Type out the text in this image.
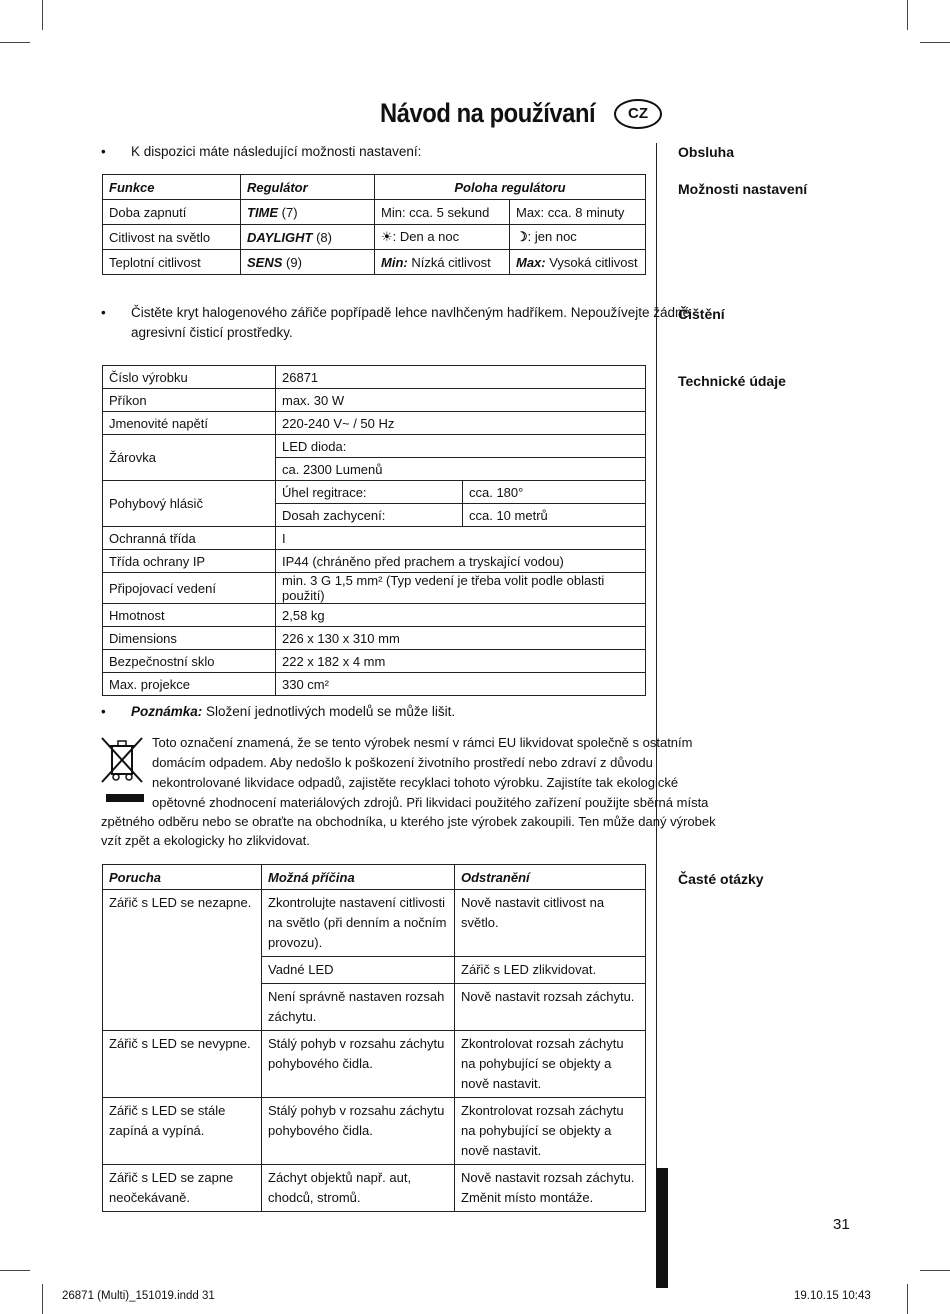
Návod na používaní	CZ
Obsluha
Možnosti nastavení
Čištění
Technické údaje
Časté otázky
• K dispozici máte následující možnosti nastavení:
Funkce	Regulátor	Poloha regulátoru	
Doba zapnutí	TIME (7)	Min: cca. 5 sekund	Max: cca. 8 minuty
Citlivost na světlo	DAYLIGHT (8)	☀: Den a noc	☽: jen noc
Teplotní citlivost	SENS (9)	Min: Nízká citlivost	Max: Vysoká citlivost
• Čistěte kryt halogenového zářiče popřípadě lehce navlhčeným hadříkem. Nepoužívejte žádné
agresivní čisticí prostředky.
Číslo výrobku	26871	
Příkon	max. 30 W	
Jmenovité napětí	220-240 V~ / 50 Hz	
Žárovka	LED dioda:	
	ca. 2300 Lumenů	
Pohybový hlásič	Úhel regitrace:	cca. 180°
	Dosah zachycení:	cca. 10 metrů
Ochranná třída	I	
Třída ochrany IP	IP44 (chráněno před prachem a tryskající vodou)	
Připojovací vedení	min. 3 G 1,5 mm² (Typ vedení je třeba volit podle oblasti použití)	
Hmotnost	2,58 kg	
Dimensions	226 x 130 x 310 mm	
Bezpečnostní sklo	222 x 182 x 4 mm	
Max. projekce	330 cm²	
• Poznámka: Složení jednotlivých modelů se může lišit.
Toto označení znamená, že se tento výrobek nesmí v rámci EU likvidovat společně s ostatním
domácím odpadem. Aby nedošlo k poškození životního prostředí nebo zdraví z důvodu
nekontrolované likvidace odpadů, zajistěte recyklaci tohoto výrobku. Zajistíte tak ekologické
opětovné zhodnocení materiálových zdrojů. Při likvidaci použitého zařízení použijte sběrná místa
zpětného odběru nebo se obraťte na obchodníka, u kterého jste výrobek zakoupili. Ten může daný výrobek
vzít zpět a ekologicky ho zlikvidovat.
Porucha	Možná příčina	Odstranění
Zářič s LED se nezapne.	Zkontrolujte nastavení citlivosti na světlo (při denním a nočním provozu).	Nově nastavit citlivost na světlo.
	Vadné LED	Zářič s LED zlikvidovat.
	Není správně nastaven rozsah záchytu.	Nově nastavit rozsah záchytu.
Zářič s LED se nevypne.	Stálý pohyb v rozsahu záchytu pohybového čidla.	Zkontrolovat rozsah záchytu na pohybující se objekty a nově nastavit.
Zářič s LED se stále zapíná a vypíná.	Stálý pohyb v rozsahu záchytu pohybového čidla.	Zkontrolovat rozsah záchytu na pohybující se objekty a nově nastavit.
Zářič s LED se zapne neočekávaně.	Záchyt objektů např. aut, chodců, stromů.	Nově nastavit rozsah záchytu. Změnit místo montáže.
31
26871 (Multi)_151019.indd 31	19.10.15 10:43
